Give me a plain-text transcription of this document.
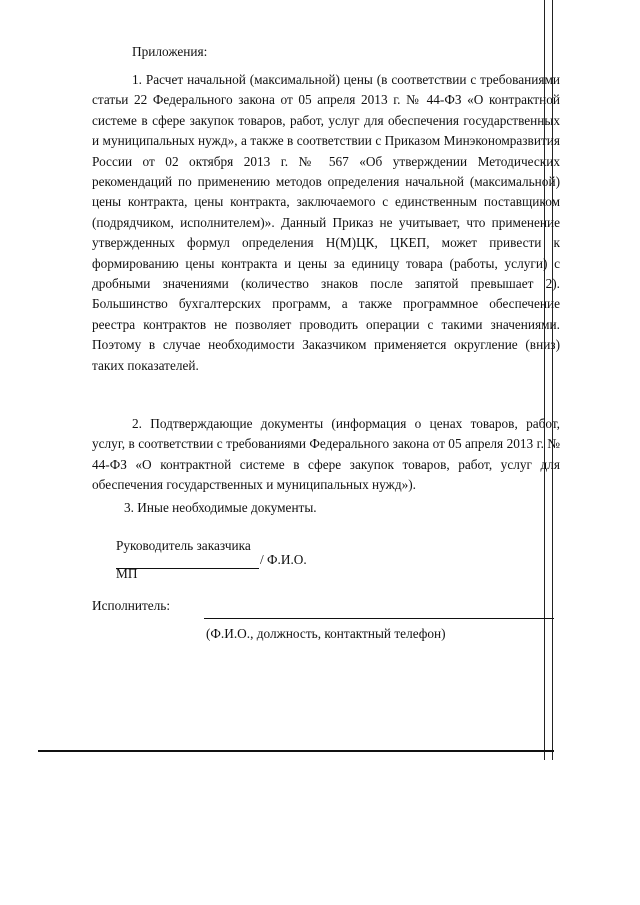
Приложения:

1. Расчет начальной (максимальной) цены (в соответствии с требованиями статьи 22 Федерального закона от 05 апреля 2013 г. № 44-ФЗ «О контрактной системе в сфере закупок товаров, работ, услуг для обеспечения государственных и муниципальных нужд», а также в соответствии с Приказом Минэкономразвития России от 02 октября 2013 г. № 567 «Об утверждении Методических рекомендаций по применению методов определения начальной (максимальной) цены контракта, цены контракта, заключаемого с единственным поставщиком (подрядчиком, исполнителем)». Данный Приказ не учитывает, что применение утвержденных формул определения Н(М)ЦК, ЦКЕП, может привести к формированию цены контракта и цены за единицу товара (работы, услуги) с дробными значениями (количество знаков после запятой превышает 2). Большинство бухгалтерских программ, а также программное обеспечение реестра контрактов не позволяет проводить операции с такими значениями. Поэтому в случае необходимости Заказчиком применяется округление (вниз) таких показателей.

2. Подтверждающие документы (информация о ценах товаров, работ, услуг, в соответствии с требованиями Федерального закона от 05 апреля 2013 г. № 44-ФЗ «О контрактной системе в сфере закупок товаров, работ, услуг для обеспечения государственных и муниципальных нужд»).

3. Иные необходимые документы.
Руководитель заказчика
/ Ф.И.О.
МП
Исполнитель:
(Ф.И.О., должность, контактный телефон)
